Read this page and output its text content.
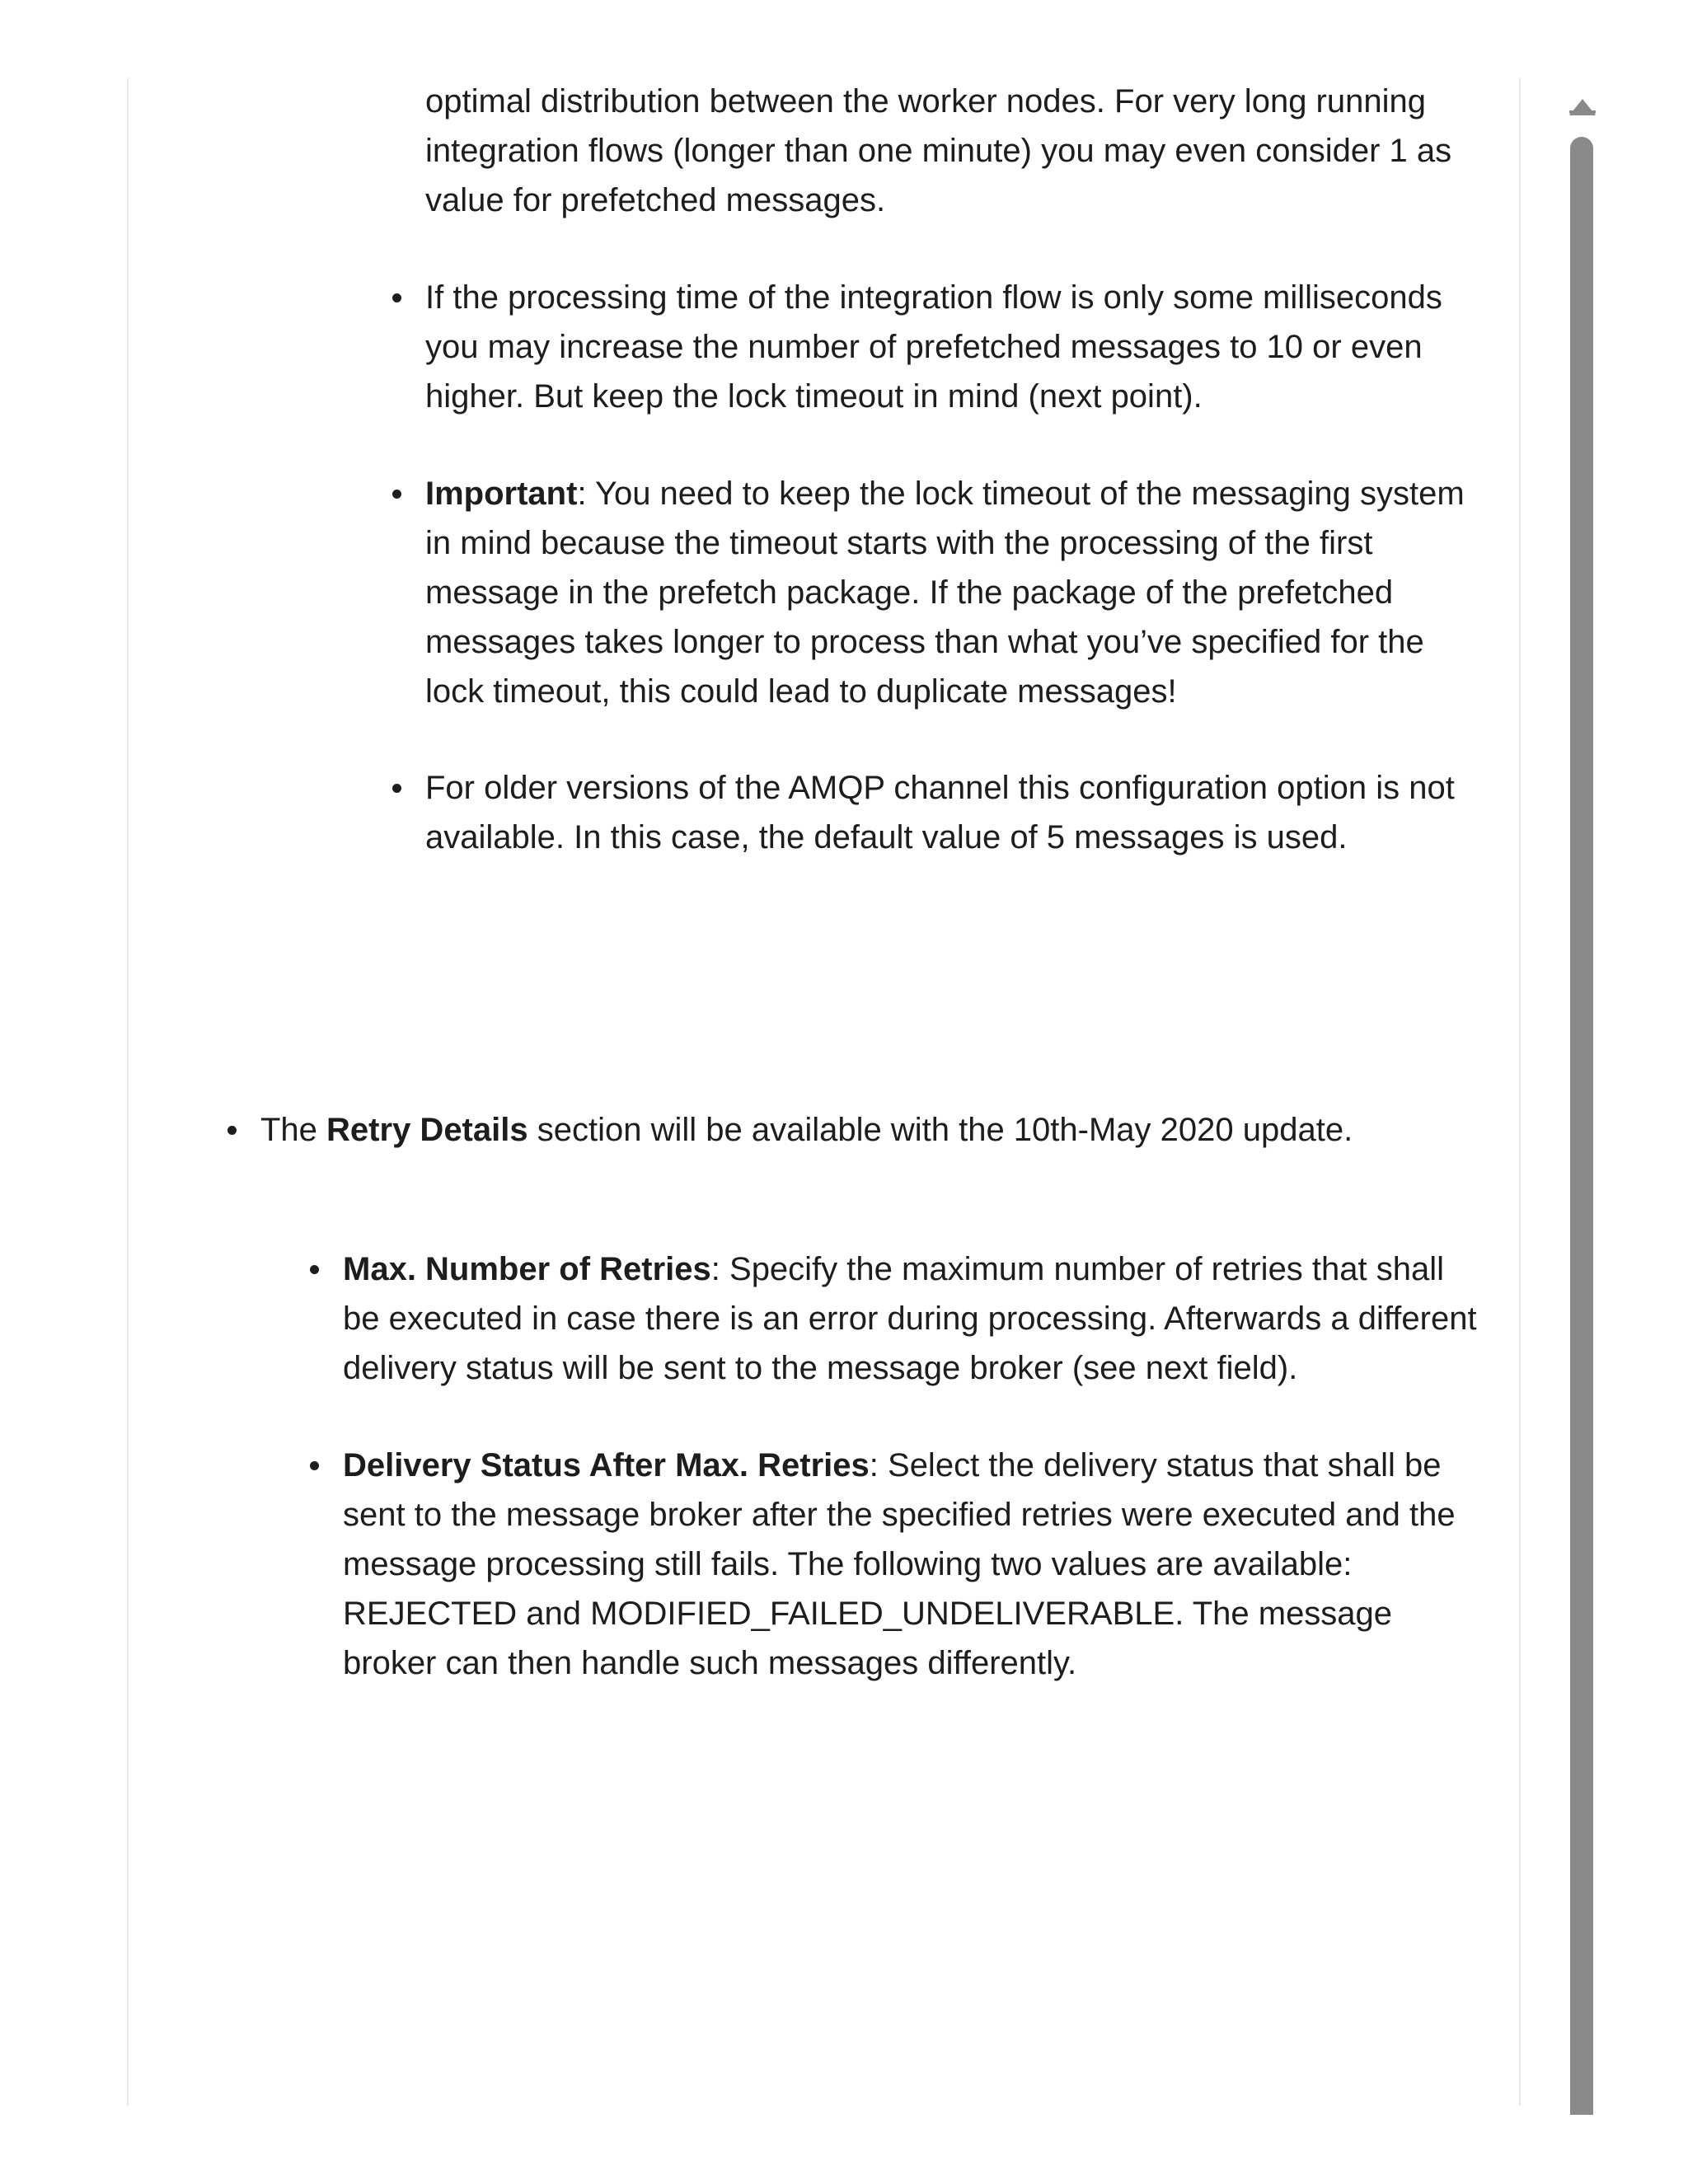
optimal distribution between the worker nodes. For very long running integration flows (longer than one minute) you may even consider 1 as value for prefetched messages.
If the processing time of the integration flow is only some milliseconds you may increase the number of prefetched messages to 10 or even higher. But keep the lock timeout in mind (next point).
Important: You need to keep the lock timeout of the messaging system in mind because the timeout starts with the processing of the first message in the prefetch package. If the package of the prefetched messages takes longer to process than what you’ve specified for the lock timeout, this could lead to duplicate messages!
For older versions of the AMQP channel this configuration option is not available. In this case, the default value of 5 messages is used.
The Retry Details section will be available with the 10th-May 2020 update.
Max. Number of Retries: Specify the maximum number of retries that shall be executed in case there is an error during processing. Afterwards a different delivery status will be sent to the message broker (see next field).
Delivery Status After Max. Retries: Select the delivery status that shall be sent to the message broker after the specified retries were executed and the message processing still fails. The following two values are available: REJECTED and MODIFIED_FAILED_UNDELIVERABLE. The message broker can then handle such messages differently.
